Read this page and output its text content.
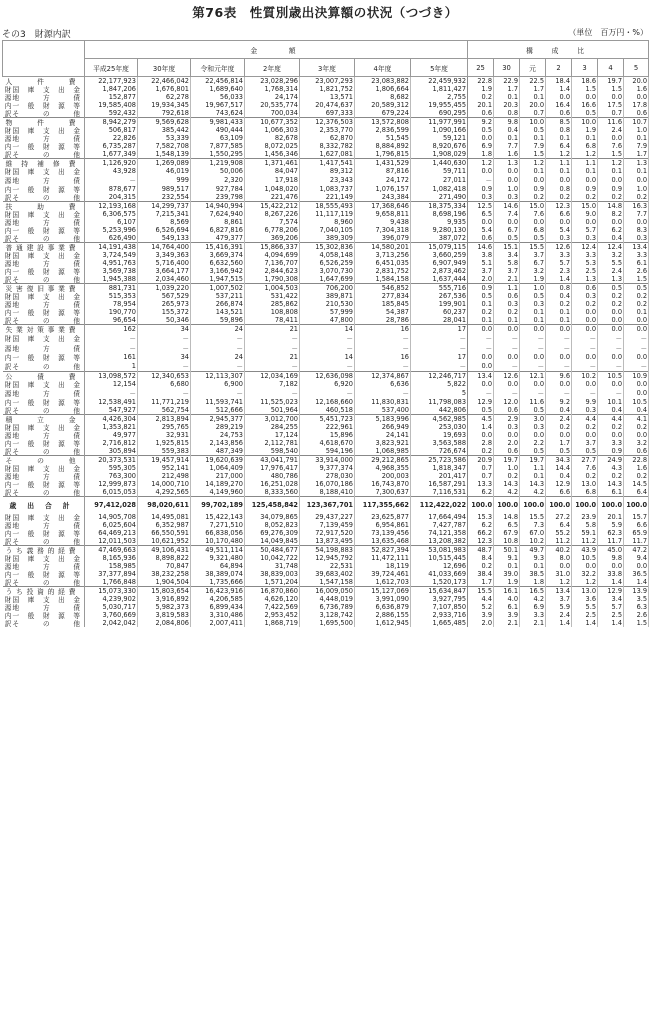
第76表　性質別歳出決算額の状況（つづき）
その3　財源内訳	（単位　百万円・%）
	金　　額							構　成　比						
	平成25年度	30年度	令和元年度	2年度	3年度	4年度	5年度	25	30	元	2	3	4	5

人　件　費	22,177,923	22,466,042	22,456,814	23,028,296	23,007,293	23,083,882	22,459,932	22.8	22.9	22.5	18.4	18.6	19.7	20.0

財 国庫支出金	1,847,206	1,676,801	1,689,640	1,768,314	1,821,752	1,806,664	1,811,427	1.9	1.7	1.7	1.4	1.5	1.5	1.6

源 地　方　債	152,877	62,278	56,033	24,174	13,571	8,682	2,755	0.2	0.1	0.1	0.0	0.0	0.0	0.0

内 一般財源等	19,585,408	19,934,345	19,967,517	20,535,774	20,474,637	20,589,312	19,955,455	20.1	20.3	20.0	16.4	16.6	17.5	17.8

訳 そ　の　他	592,432	792,618	743,624	700,034	697,333	679,224	690,295	0.6	0.8	0.7	0.6	0.5	0.7	0.6

物　件　費	8,942,279	9,569,628	9,981,433	10,677,352	12,376,503	13,572,808	11,977,991	9.2	9.8	10.0	8.5	10.0	11.6	10.7

財 国庫支出金	506,817	385,442	490,444	1,066,303	2,353,770	2,836,599	1,090,166	0.5	0.4	0.5	0.8	1.9	2.4	1.0

源 地　方　債	22,826	53,339	63,109	82,678	62,870	51,545	59,121	0.0	0.1	0.1	0.1	0.1	0.0	0.1

内 一般財源等	6,735,287	7,582,708	7,877,585	8,072,025	8,332,782	8,884,892	8,920,676	6.9	7.7	7.9	6.4	6.8	7.6	7.9

訳 そ　の　他	1,677,349	1,548,139	1,550,295	1,456,346	1,627,081	1,796,815	1,908,029	1.8	1.6	1.5	1.2	1.2	1.5	1.7

維持補修費	1,126,920	1,269,089	1,219,908	1,371,461	1,417,541	1,431,529	1,440,630	1.2	1.3	1.2	1.1	1.1	1.2	1.3

財 国庫支出金	43,928	46,019	50,006	84,047	89,312	87,816	59,711	0.0	0.0	0.1	0.1	0.1	0.1	0.1

源 地　方　債	－	999	2,320	17,918	23,343	24,172	27,011	－	0.0	0.0	0.0	0.0	0.0	0.0

内 一般財源等	878,677	989,517	927,784	1,048,020	1,083,737	1,076,157	1,082,418	0.9	1.0	0.9	0.8	0.9	0.9	1.0

訳 そ　の　他	204,315	232,554	239,798	221,476	221,149	243,384	271,490	0.3	0.3	0.2	0.2	0.2	0.2	0.2

扶　助　費	12,193,168	14,299,737	14,940,994	15,422,212	18,555,493	17,368,646	18,375,334	12.5	14.6	15.0	12.3	15.0	14.8	16.3

財 国庫支出金	6,306,575	7,215,341	7,624,940	8,267,226	11,117,119	9,658,811	8,698,196	6.5	7.4	7.6	6.6	9.0	8.2	7.7

源 地　方　債	6,107	8,569	8,861	7,574	8,960	9,438	9,935	0.0	0.0	0.0	0.0	0.0	0.0	0.0

内 一般財源等	5,253,996	6,526,694	6,827,816	6,778,206	7,040,105	7,304,318	9,280,130	5.4	6.7	6.8	5.4	5.7	6.2	8.3

訳 そ　の　他	626,490	549,133	479,377	369,206	389,309	396,079	387,072	0.6	0.5	0.5	0.3	0.3	0.4	0.3

普通建設事業費	14,191,438	14,764,400	15,416,391	15,866,337	15,302,836	14,580,201	15,079,115	14.6	15.1	15.5	12.6	12.4	12.4	13.4

財 国庫支出金	3,724,549	3,349,363	3,669,374	4,094,699	4,058,148	3,713,256	3,660,259	3.8	3.4	3.7	3.3	3.3	3.2	3.3

源 地　方　債	4,951,763	5,716,400	6,632,560	7,136,707	6,526,259	6,451,035	6,907,949	5.1	5.8	6.7	5.7	5.3	5.5	6.1

内 一般財源等	3,569,738	3,664,177	3,166,942	2,844,623	3,070,730	2,831,752	2,873,462	3.7	3.7	3.2	2.3	2.5	2.4	2.6

訳 そ　の　他	1,945,388	2,034,460	1,947,515	1,790,308	1,647,699	1,584,158	1,637,444	2.0	2.1	1.9	1.4	1.3	1.3	1.5

災害復旧事業費	881,731	1,039,220	1,007,502	1,004,503	706,200	546,852	555,716	0.9	1.1	1.0	0.8	0.6	0.5	0.5

財 国庫支出金	515,353	567,529	537,211	531,422	389,871	277,834	267,536	0.5	0.6	0.5	0.4	0.3	0.2	0.2

源 地　方　債	78,954	265,973	266,874	285,862	210,530	185,845	199,901	0.1	0.3	0.3	0.2	0.2	0.2	0.2

内 一般財源等	190,770	155,372	143,521	108,808	57,999	54,387	60,237	0.2	0.2	0.1	0.1	0.0	0.0	0.1

訳 そ　の　他	96,654	50,346	59,896	78,411	47,800	28,786	28,041	0.1	0.1	0.1	0.1	0.0	0.0	0.0

失業対策事業費	162	34	24	21	14	16	17	0.0	0.0	0.0	0.0	0.0	0.0	0.0

財 国庫支出金	－	－	－	－	－	－	－	－	－	－	－	－	－	－

源 地　方　債	－	－	－	－	－	－	－	－	－	－	－	－	－	－

内 一般財源等	161	34	24	21	14	16	17	0.0	0.0	0.0	0.0	0.0	0.0	0.0

訳 そ　の　他	1	－	－	－	－	－	－	0.0	－	－	－	－	－	－

公　債　費	13,098,572	12,340,653	12,113,307	12,034,169	12,636,098	12,374,867	12,246,717	13.4	12.6	12.1	9.6	10.2	10.5	10.9

財 国庫支出金	12,154	6,680	6,900	7,182	6,920	6,636	5,822	0.0	0.0	0.0	0.0	0.0	0.0	0.0

源 地　方　債	－	－	－	－	－	－	5	－	－	－	－	－	－	0.0

内 一般財源等	12,538,491	11,771,219	11,593,741	11,525,023	12,168,660	11,830,831	11,798,083	12.9	12.0	11.6	9.2	9.9	10.1	10.5

訳 そ　の　他	547,927	562,754	512,666	501,964	460,518	537,400	442,806	0.5	0.6	0.5	0.4	0.3	0.4	0.4

積　立　金	4,426,304	2,813,894	2,945,377	3,012,700	5,451,723	5,183,996	4,562,985	4.5	2.9	3.0	2.4	4.4	4.4	4.1

財 国庫支出金	1,353,821	295,765	289,219	284,255	222,961	266,949	253,030	1.4	0.3	0.3	0.2	0.2	0.2	0.2

源 地　方　債	49,977	32,931	24,753	17,124	15,896	24,141	19,693	0.0	0.0	0.0	0.0	0.0	0.0	0.0

内 一般財源等	2,716,812	1,925,815	2,143,856	2,112,781	4,618,670	3,823,921	3,563,588	2.8	2.0	2.2	1.7	3.7	3.3	3.2

訳 そ　の　他	305,894	559,383	487,349	598,540	594,196	1,068,985	726,674	0.2	0.6	0.5	0.5	0.5	0.9	0.6

そ　の　他	20,373,531	19,457,914	19,620,639	43,041,791	33,914,000	29,212,865	25,723,586	20.9	19.7	19.7	34.3	27.7	24.9	22.8

財 国庫支出金	595,305	952,141	1,064,409	17,976,417	9,377,374	4,968,355	1,818,347	0.7	1.0	1.1	14.4	7.6	4.3	1.6

源 地　方　債	763,300	212,498	217,000	480,786	278,030	200,003	201,417	0.7	0.2	0.1	0.4	0.2	0.2	0.2

内 一般財源等	12,999,873	14,000,710	14,189,270	16,251,028	16,070,186	16,743,870	16,587,291	13.3	14.3	14.3	12.9	13.0	14.3	14.5

訳 そ　の　他	6,015,053	4,292,565	4,149,960	8,333,560	8,188,410	7,300,637	7,116,531	6.2	4.2	4.2	6.6	6.8	6.1	6.4

歳出合計	97,412,028	98,020,611	99,702,189	125,458,842	123,367,701	117,355,662	112,422,022	100.0	100.0	100.0	100.0	100.0	100.0	100.0

財 国庫支出金	14,905,708	14,495,081	15,422,143	34,079,865	29,437,227	23,625,877	17,664,494	15.3	14.8	15.5	27.2	23.9	20.1	15.7

源 地　方　債	6,025,604	6,352,987	7,271,510	8,052,823	7,139,459	6,954,861	7,427,787	6.2	6.5	7.3	6.4	5.8	5.9	6.6

内 一般財源等	64,469,213	66,550,591	66,838,056	69,276,309	72,917,520	73,139,456	74,121,358	66.2	67.9	67.0	55.2	59.1	62.3	65.9

訳 そ　の　他	12,011,503	10,621,952	10,170,480	14,049,845	13,873,495	13,635,468	13,208,382	12.3	10.8	10.2	11.2	11.2	11.7	11.7

うち義務的経費	47,469,663	49,106,431	49,511,114	50,484,677	54,198,883	52,827,394	53,081,983	48.7	50.1	49.7	40.2	43.9	45.0	47.2

財 国庫支出金	8,165,936	8,898,822	9,321,480	10,042,722	12,945,792	11,472,111	10,515,445	8.4	9.1	9.3	8.0	10.5	9.8	9.4

源 地　方　債	158,985	70,847	64,894	31,748	22,531	18,119	12,696	0.2	0.1	0.1	0.0	0.0	0.0	0.0

内 一般財源等	37,377,894	38,232,258	38,389,074	38,839,003	39,683,402	39,724,461	41,033,669	38.4	39.0	38.5	31.0	32.2	33.8	36.5

訳 そ　の　他	1,766,848	1,904,504	1,735,666	1,571,204	1,547,158	1,612,703	1,520,173	1.7	1.9	1.8	1.2	1.2	1.4	1.4

うち投資的経費	15,073,330	15,803,654	16,423,916	16,870,860	16,009,050	15,127,069	15,634,847	15.5	16.1	16.5	13.4	13.0	12.9	13.9

財 国庫支出金	4,239,902	3,916,892	4,206,585	4,626,120	4,448,019	3,991,090	3,927,795	4.4	4.0	4.2	3.7	3.6	3.4	3.5

源 地　方　債	5,030,717	5,982,373	6,899,434	7,422,569	6,736,789	6,636,879	7,107,850	5.2	6.1	6.9	5.9	5.5	5.7	6.3

内 一般財源等	3,760,669	3,819,583	3,310,486	2,953,452	3,128,742	2,886,155	2,933,716	3.9	3.9	3.3	2.4	2.5	2.5	2.6

訳 そ　の　他	2,042,042	2,084,806	2,007,411	1,868,719	1,695,500	1,612,945	1,665,485	2.0	2.1	2.1	1.4	1.4	1.4	1.5
